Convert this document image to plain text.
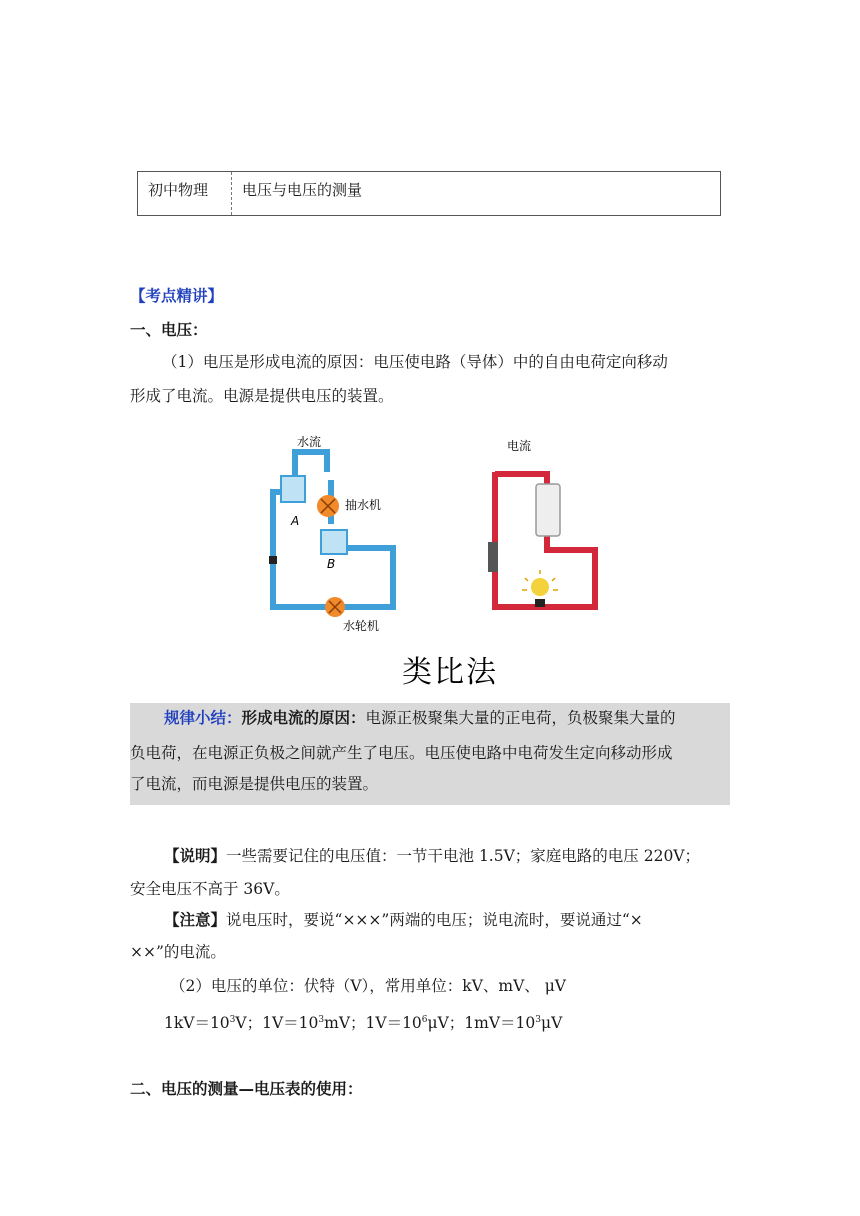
初中物理	电压与电压的测量
【考点精讲】
一、电压：
（1）电压是形成电流的原因：电压使电路（导体）中的自由电荷定向移动
形成了电流。电源是提供电压的装置。
水流
抽水机
A
B
水轮机
电流
类比法
规律小结：形成电流的原因：电源正极聚集大量的正电荷，负极聚集大量的
负电荷，在电源正负极之间就产生了电压。电压使电路中电荷发生定向移动形成
了电流，而电源是提供电压的装置。
【说明】一些需要记住的电压值：一节干电池 1.5V；家庭电路的电压 220V；
安全电压不高于 36V。
【注意】说电压时，要说“×××”两端的电压；说电流时，要说通过“×
××”的电流。
（2）电压的单位：伏特（V），常用单位：kV、mV、 μV
$1kV=10^3V$；$1V=10^3mV$；$1V=10^6\mu V$；$1mV=10^3\mu V$
二、电压的测量—电压表的使用：
